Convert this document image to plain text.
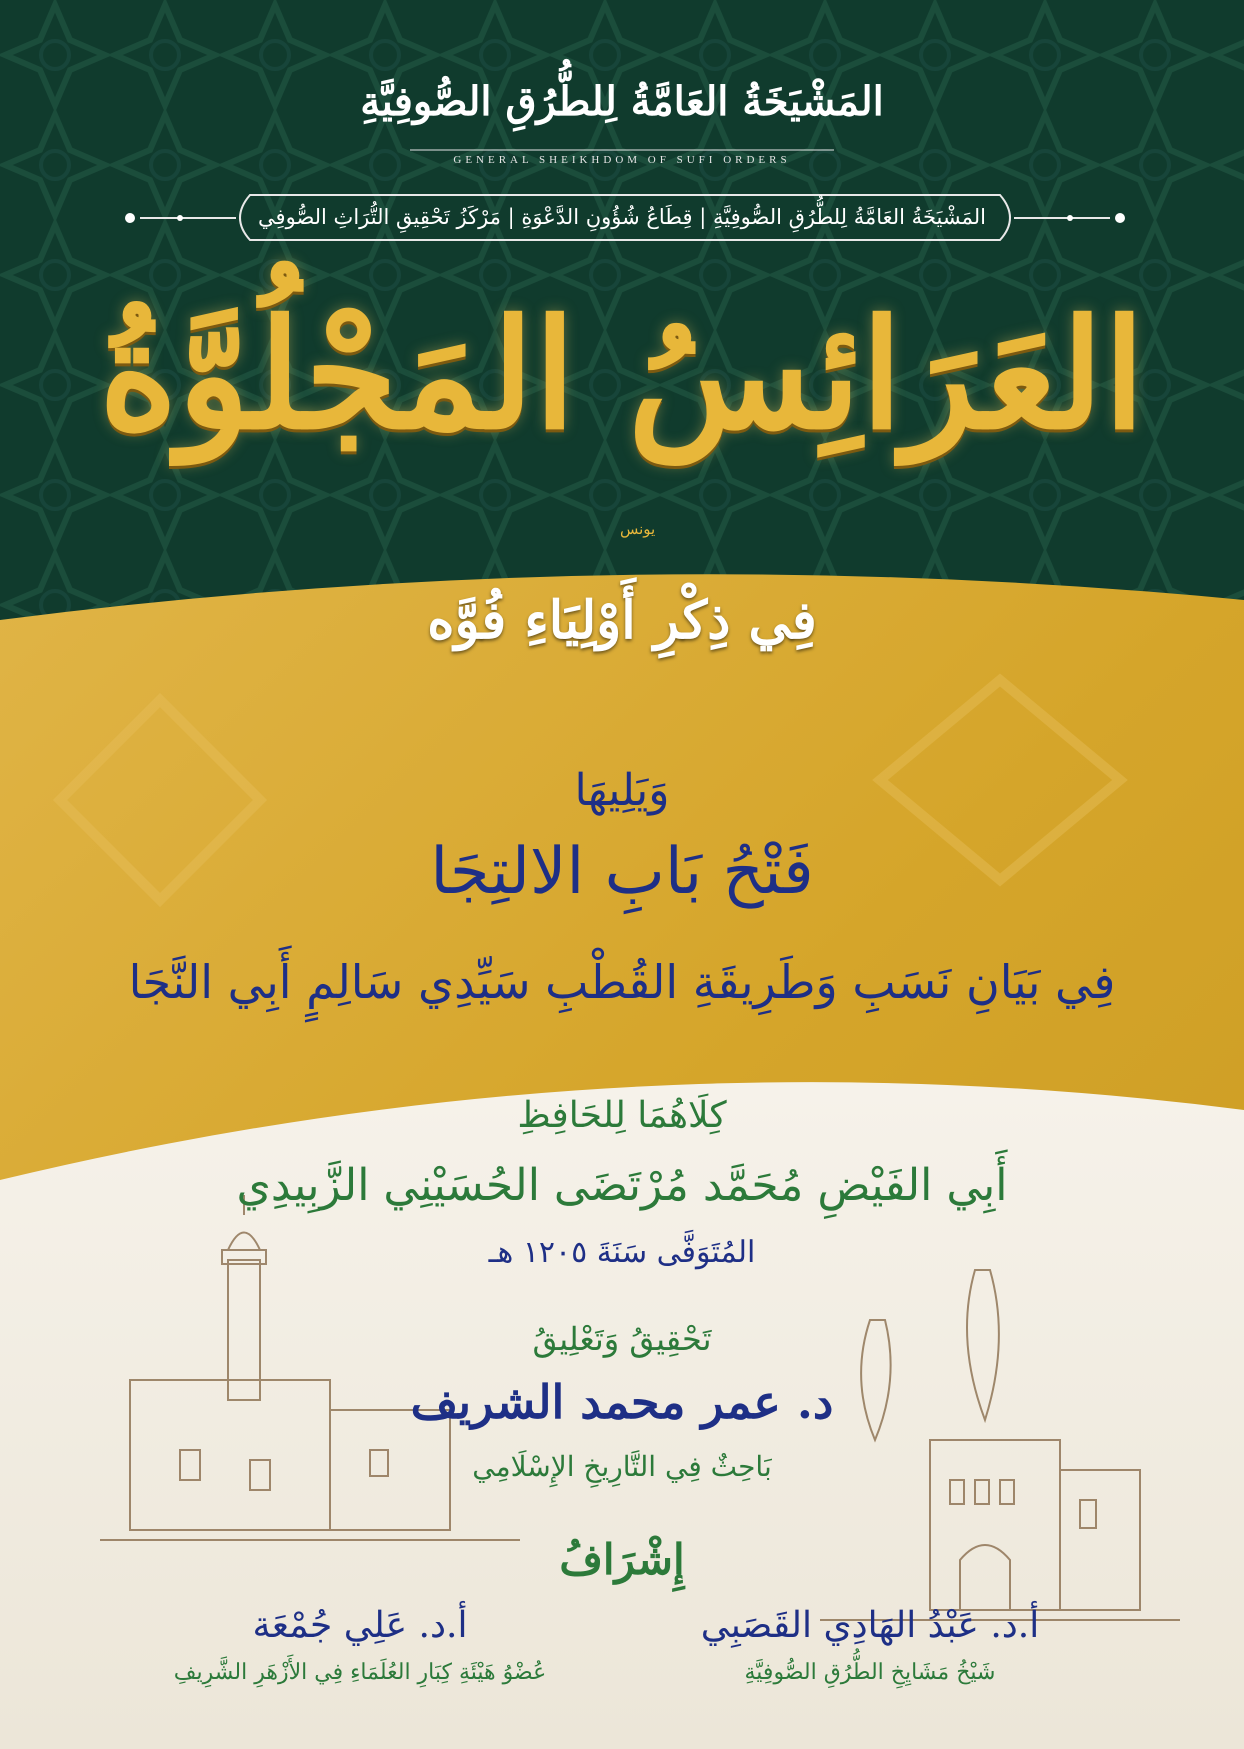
المَشْيَخَةُ العَامَّةُ لِلطُّرُقِ الصُّوفِيَّةِ
GENERAL SHEIKHDOM OF SUFI ORDERS
المَشْيَخَةُ العَامَّةُ لِلطُّرُقِ الصُّوفِيَّةِ | قِطَاعُ شُؤُونِ الدَّعْوَةِ | مَرْكَزُ تَحْقِيقِ التُّرَاثِ الصُّوفِي
العَرَائِسُ المَجْلُوَّةُ
يونس
فِي ذِكْرِ أَوْلِيَاءِ فُوَّه
وَيَلِيهَا
فَتْحُ بَابِ الالتِجَا
فِي بَيَانِ نَسَبِ وَطَرِيقَةِ القُطْبِ سَيِّدِي سَالِمٍ أَبِي النَّجَا
كِلَاهُمَا لِلحَافِظِ
أَبِي الفَيْضِ مُحَمَّد مُرْتَضَى الحُسَيْنِي الزَّبِيدِي
المُتَوَفَّى سَنَةَ ١٢٠٥ هـ
تَحْقِيقُ وَتَعْلِيقُ
د. عمر محمد الشريف
بَاحِثٌ فِي التَّارِيخِ الإِسْلَامِي
إِشْرَافُ
أ.د. عَبْدُ الهَادِي القَصَبِي
شَيْخُ مَشَايِخِ الطُّرُقِ الصُّوفِيَّةِ
أ.د. عَلِي جُمْعَة
عُضْوُ هَيْئَةِ كِبَارِ العُلَمَاءِ فِي الأَزْهَرِ الشَّرِيفِ
